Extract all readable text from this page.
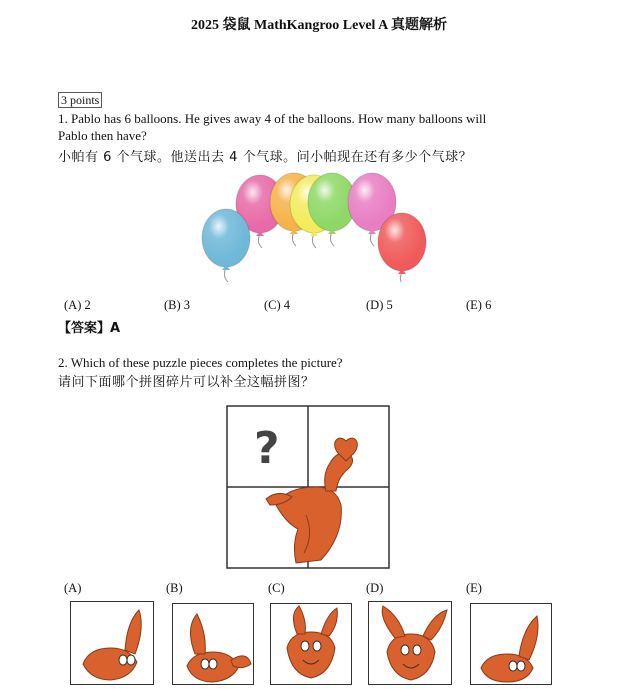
2025 袋鼠 MathKangroo Level A 真题解析
3 points
1. Pablo has 6 balloons. He gives away 4 of the balloons. How many balloons will
Pablo then have?
小帕有 6 个气球。他送出去 4 个气球。问小帕现在还有多少个气球？
(A) 2	(B) 3	(C) 4	(D) 5	(E) 6
【答案】A
2. Which of these puzzle pieces completes the picture?
请问下面哪个拼图碎片可以补全这幅拼图？
?
(A)	(B)	(C)	(D)	(E)
